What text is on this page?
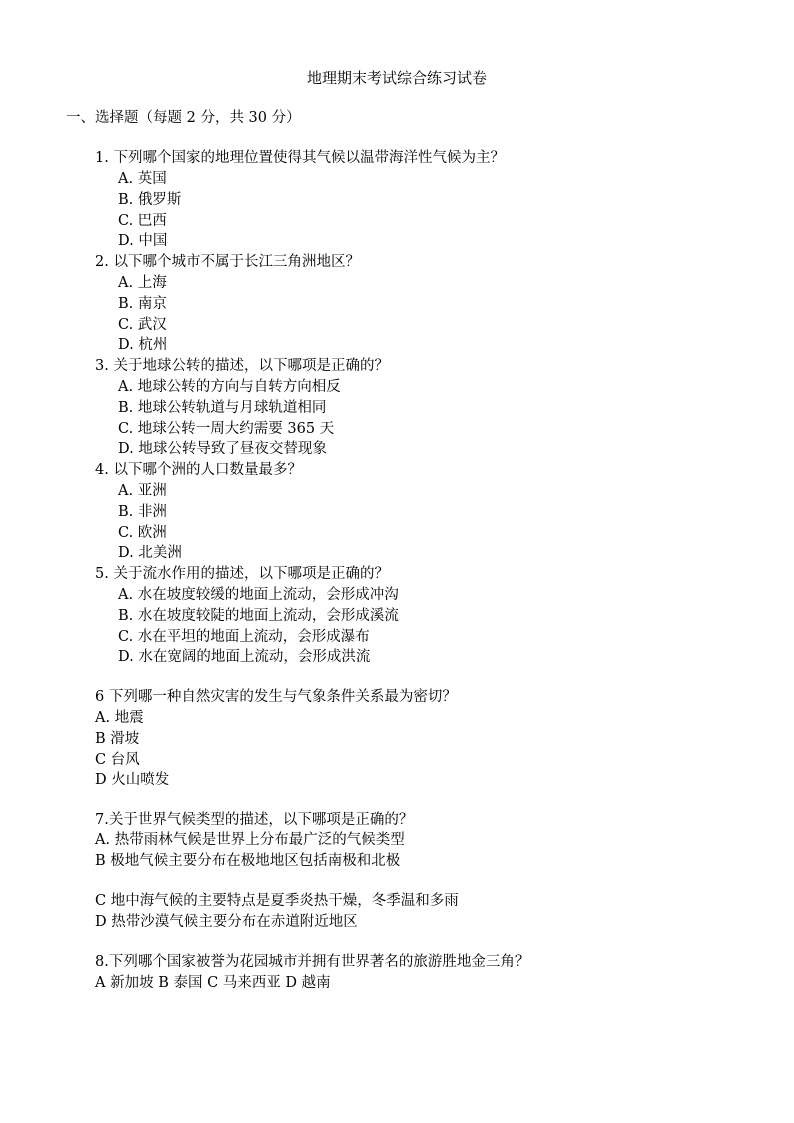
地理期末考试综合练习试卷
一、选择题（每题 2 分，共 30 分）
1. 下列哪个国家的地理位置使得其气候以温带海洋性气候为主？
A. 英国
B. 俄罗斯
C. 巴西
D. 中国
2. 以下哪个城市不属于长江三角洲地区？
A. 上海
B. 南京
C. 武汉
D. 杭州
3. 关于地球公转的描述，以下哪项是正确的？
A. 地球公转的方向与自转方向相反
B. 地球公转轨道与月球轨道相同
C. 地球公转一周大约需要 365 天
D. 地球公转导致了昼夜交替现象
4. 以下哪个洲的人口数量最多？
A. 亚洲
B. 非洲
C. 欧洲
D. 北美洲
5. 关于流水作用的描述，以下哪项是正确的？
A. 水在坡度较缓的地面上流动，会形成冲沟
B. 水在坡度较陡的地面上流动，会形成溪流
C. 水在平坦的地面上流动，会形成瀑布
D. 水在宽阔的地面上流动，会形成洪流
6 下列哪一种自然灾害的发生与气象条件关系最为密切？
A. 地震
B 滑坡
C 台风
D 火山喷发
7.关于世界气候类型的描述，以下哪项是正确的？
A. 热带雨林气候是世界上分布最广泛的气候类型
B 极地气候主要分布在极地地区包括南极和北极
C 地中海气候的主要特点是夏季炎热干燥，冬季温和多雨
D 热带沙漠气候主要分布在赤道附近地区
8.下列哪个国家被誉为花园城市并拥有世界著名的旅游胜地金三角？
A 新加坡 B 泰国 C 马来西亚 D 越南
